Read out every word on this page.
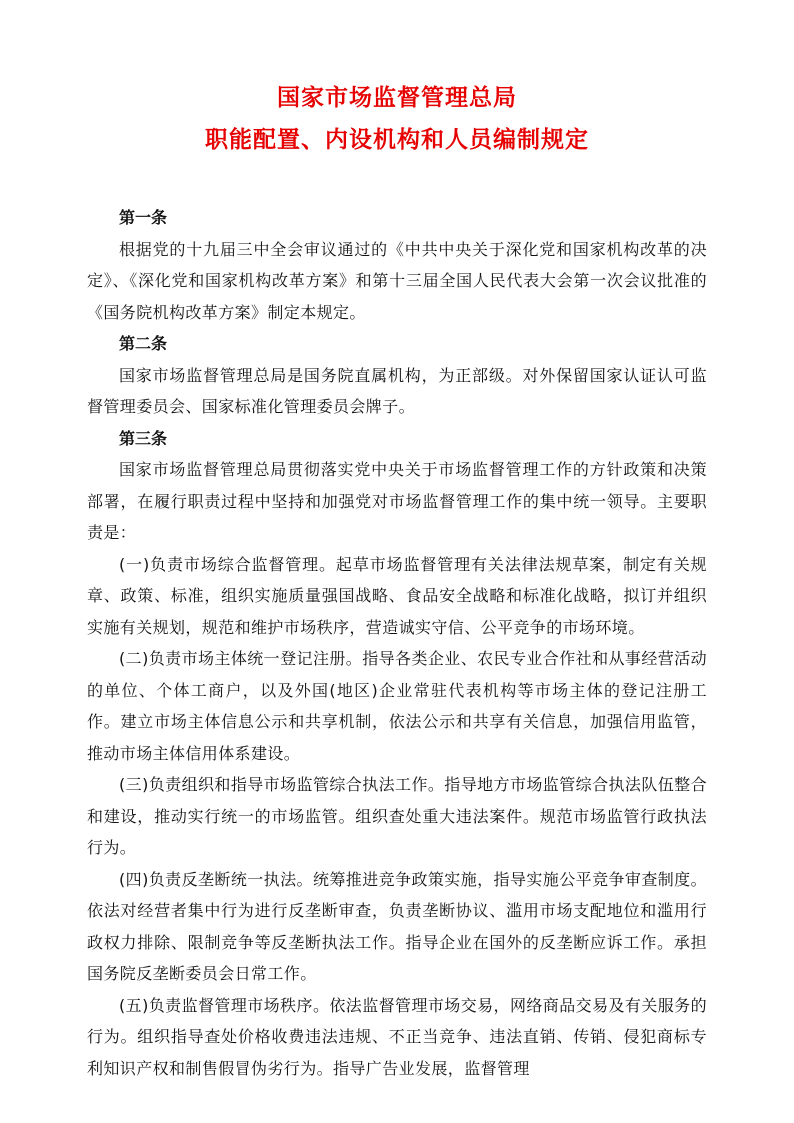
国家市场监督管理总局
职能配置、内设机构和人员编制规定

第一条

根据党的十九届三中全会审议通过的《中共中央关于深化党和国家机构改革的决定》、《深化党和国家机构改革方案》和第十三届全国人民代表大会第一次会议批准的《国务院机构改革方案》制定本规定。

第二条

国家市场监督管理总局是国务院直属机构，为正部级。对外保留国家认证认可监督管理委员会、国家标准化管理委员会牌子。

第三条

国家市场监督管理总局贯彻落实党中央关于市场监督管理工作的方针政策和决策部署，在履行职责过程中坚持和加强党对市场监督管理工作的集中统一领导。主要职责是：

(一)负责市场综合监督管理。起草市场监督管理有关法律法规草案，制定有关规章、政策、标准，组织实施质量强国战略、食品安全战略和标准化战略，拟订并组织实施有关规划，规范和维护市场秩序，营造诚实守信、公平竞争的市场环境。

(二)负责市场主体统一登记注册。指导各类企业、农民专业合作社和从事经营活动的单位、个体工商户，以及外国(地区)企业常驻代表机构等市场主体的登记注册工作。建立市场主体信息公示和共享机制，依法公示和共享有关信息，加强信用监管，推动市场主体信用体系建设。

(三)负责组织和指导市场监管综合执法工作。指导地方市场监管综合执法队伍整合和建设，推动实行统一的市场监管。组织查处重大违法案件。规范市场监管行政执法行为。

(四)负责反垄断统一执法。统筹推进竞争政策实施，指导实施公平竞争审查制度。依法对经营者集中行为进行反垄断审查，负责垄断协议、滥用市场支配地位和滥用行政权力排除、限制竞争等反垄断执法工作。指导企业在国外的反垄断应诉工作。承担国务院反垄断委员会日常工作。

(五)负责监督管理市场秩序。依法监督管理市场交易，网络商品交易及有关服务的行为。组织指导查处价格收费违法违规、不正当竞争、违法直销、传销、侵犯商标专利知识产权和制售假冒伪劣行为。指导广告业发展，监督管理
